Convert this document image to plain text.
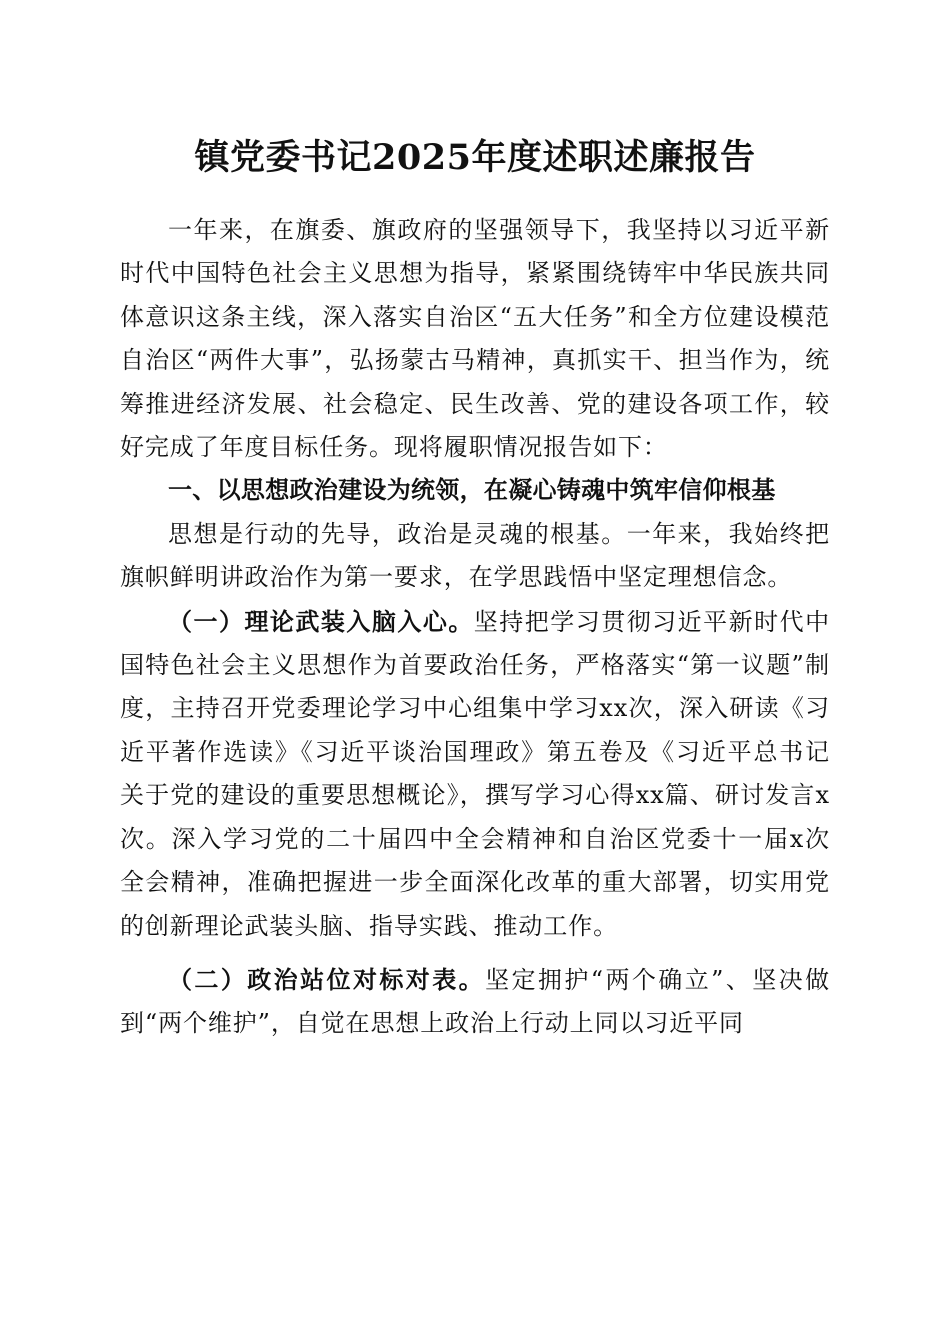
镇党委书记2025年度述职述廉报告

一年来，在旗委、旗政府的坚强领导下，我坚持以习近平新时代中国特色社会主义思想为指导，紧紧围绕铸牢中华民族共同体意识这条主线，深入落实自治区“五大任务”和全方位建设模范自治区“两件大事”，弘扬蒙古马精神，真抓实干、担当作为，统筹推进经济发展、社会稳定、民生改善、党的建设各项工作，较好完成了年度目标任务。现将履职情况报告如下：

一、以思想政治建设为统领，在凝心铸魂中筑牢信仰根基

思想是行动的先导，政治是灵魂的根基。一年来，我始终把旗帜鲜明讲政治作为第一要求，在学思践悟中坚定理想信念。

（一）理论武装入脑入心。坚持把学习贯彻习近平新时代中国特色社会主义思想作为首要政治任务，严格落实“第一议题”制度，主持召开党委理论学习中心组集中学习xx次，深入研读《习近平著作选读》《习近平谈治国理政》第五卷及《习近平总书记关于党的建设的重要思想概论》，撰写学习心得xx篇、研讨发言x次。深入学习党的二十届四中全会精神和自治区党委十一届x次全会精神，准确把握进一步全面深化改革的重大部署，切实用党的创新理论武装头脑、指导实践、推动工作。

（二）政治站位对标对表。坚定拥护“两个确立”、坚决做到“两个维护”，自觉在思想上政治上行动上同以习近平同
